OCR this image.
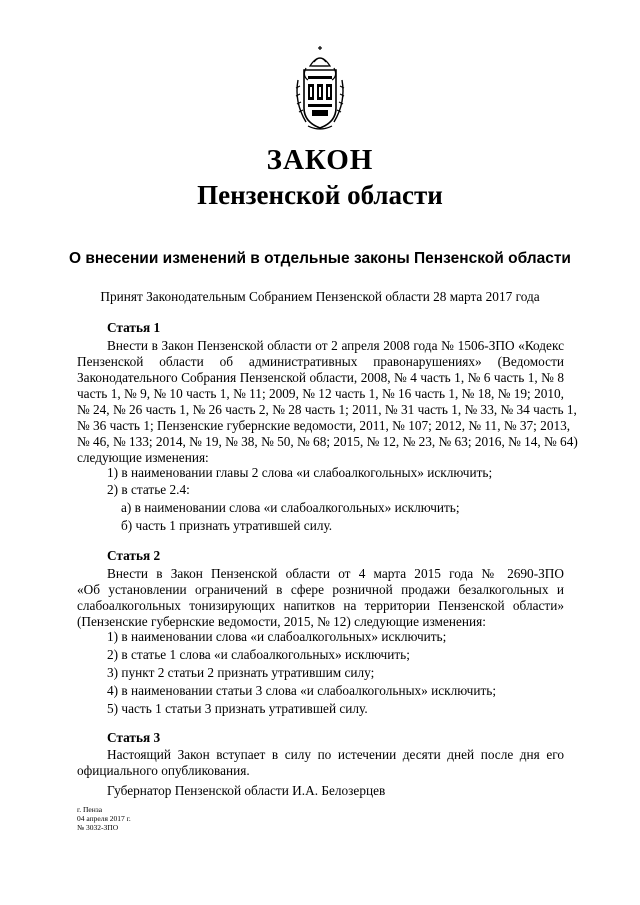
ЗАКОН
Пензенской области
О внесении изменений в отдельные законы Пензенской области
Принят Законодательным Собранием Пензенской области 28 марта 2017 года
Статья 1
Внести в Закон Пензенской области от 2 апреля 2008 года № 1506-ЗПО «Кодекс
Пензенской области об административных правонарушениях» (Ведомости
Законодательного Собрания Пензенской области, 2008, № 4 часть 1, № 6 часть 1, № 8
часть 1, № 9, № 10 часть 1, № 11; 2009, № 12 часть 1, № 16 часть 1, № 18, № 19; 2010,
№ 24, № 26 часть 1, № 26 часть 2, № 28 часть 1; 2011, № 31 часть 1, № 33, № 34 часть 1,
№ 36 часть 1; Пензенские губернские ведомости, 2011, № 107; 2012, № 11, № 37; 2013,
№ 46, № 133; 2014, № 19, № 38, № 50, № 68; 2015, № 12, № 23, № 63; 2016, № 14, № 64)
следующие изменения:
1) в наименовании главы 2 слова «и слабоалкогольных» исключить;
2) в статье 2.4:
а) в наименовании слова «и слабоалкогольных» исключить;
б) часть 1 признать утратившей силу.
Статья 2
Внести в Закон Пензенской области от 4 марта 2015 года № 2690-ЗПО
«Об установлении ограничений в сфере розничной продажи безалкогольных и
слабоалкогольных тонизирующих напитков на территории Пензенской области»
(Пензенские губернские ведомости, 2015, № 12) следующие изменения:
1) в наименовании слова «и слабоалкогольных» исключить;
2) в статье 1 слова «и слабоалкогольных» исключить;
3) пункт 2 статьи 2 признать утратившим силу;
4) в наименовании статьи 3 слова «и слабоалкогольных» исключить;
5) часть 1 статьи 3 признать утратившей силу.
Статья 3
Настоящий Закон вступает в силу по истечении десяти дней после дня его
официального опубликования.
Губернатор Пензенской области И.А. Белозерцев
г. Пенза
04 апреля 2017 г.
№ 3032-ЗПО
